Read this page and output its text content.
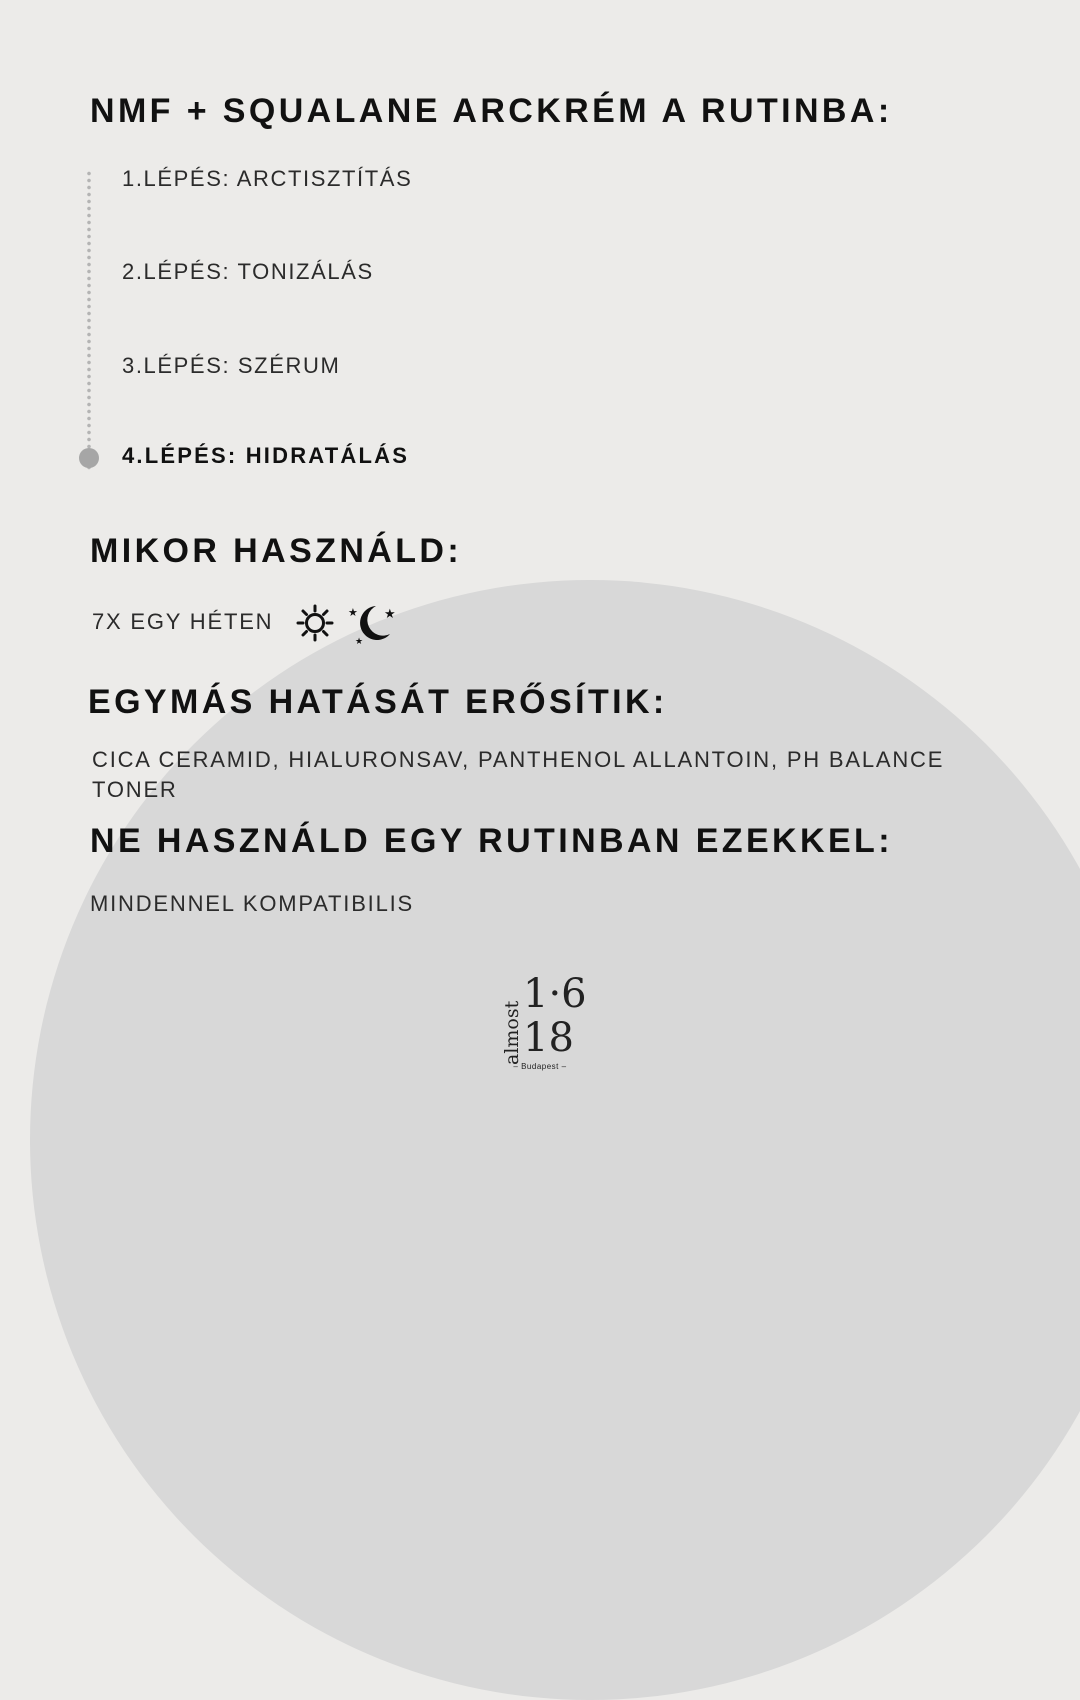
NMF + SQUALANE ARCKRÉM A RUTINBA:
1.LÉPÉS: ARCTISZTÍTÁS
2.LÉPÉS: TONIZÁLÁS
3.LÉPÉS: SZÉRUM
4.LÉPÉS: HIDRATÁLÁS
MIKOR HASZNÁLD:
7X EGY HÉTEN	★ ★
★
EGYMÁS HATÁSÁT ERŐSÍTIK:
CICA CERAMID, HIALURONSAV, PANTHENOL ALLANTOIN, PH BALANCE TONER
NE HASZNÁLD EGY RUTINBAN EZEKKEL:
MINDENNEL KOMPATIBILIS
almost
1·6
18
– Budapest –
